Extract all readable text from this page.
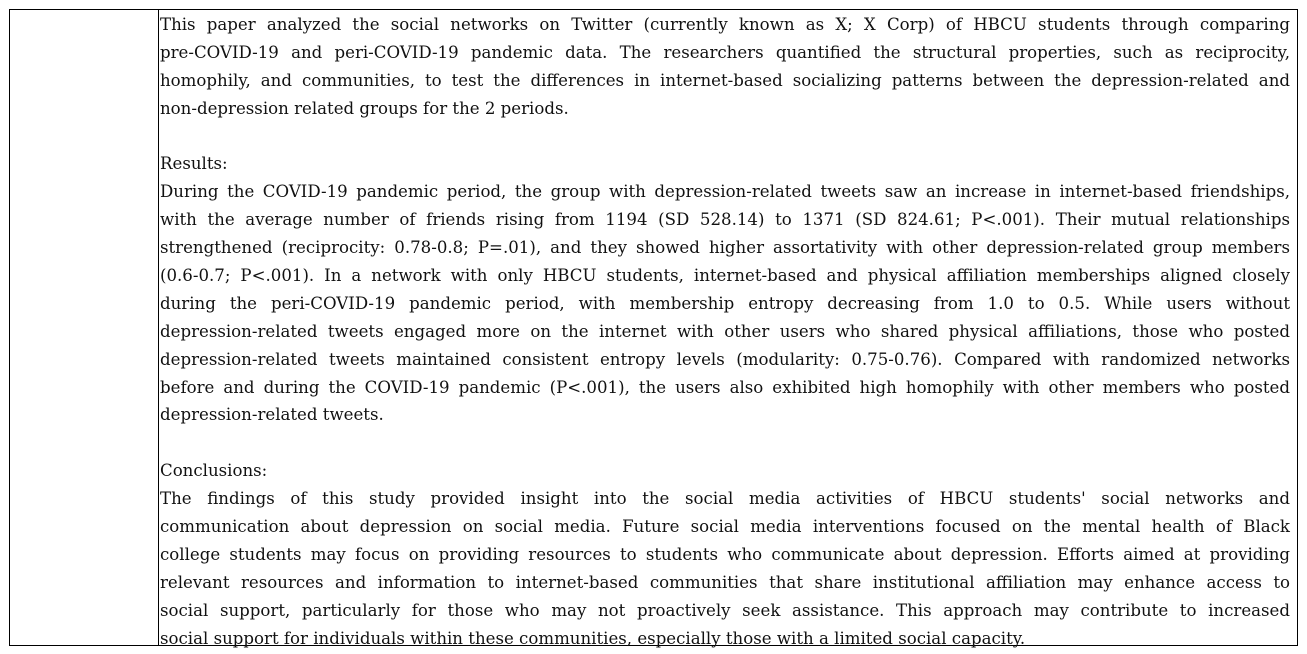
This paper analyzed the social networks on Twitter (currently known as X; X Corp) of HBCU students through comparing
pre-COVID-19 and peri-COVID-19 pandemic data. The researchers quantified the structural properties, such as reciprocity,
homophily, and communities, to test the differences in internet-based socializing patterns between the depression-related and
non-depression related groups for the 2 periods.
Results:
During the COVID-19 pandemic period, the group with depression-related tweets saw an increase in internet-based friendships,
with the average number of friends rising from 1194 (SD 528.14) to 1371 (SD 824.61; P<.001). Their mutual relationships
strengthened (reciprocity: 0.78-0.8; P=.01), and they showed higher assortativity with other depression-related group members
(0.6-0.7; P<.001). In a network with only HBCU students, internet-based and physical affiliation memberships aligned closely
during the peri-COVID-19 pandemic period, with membership entropy decreasing from 1.0 to 0.5. While users without
depression-related tweets engaged more on the internet with other users who shared physical affiliations, those who posted
depression-related tweets maintained consistent entropy levels (modularity: 0.75-0.76). Compared with randomized networks
before and during the COVID-19 pandemic (P<.001), the users also exhibited high homophily with other members who posted
depression-related tweets.
Conclusions:
The findings of this study provided insight into the social media activities of HBCU students' social networks and
communication about depression on social media. Future social media interventions focused on the mental health of Black
college students may focus on providing resources to students who communicate about depression. Efforts aimed at providing
relevant resources and information to internet-based communities that share institutional affiliation may enhance access to
social support, particularly for those who may not proactively seek assistance. This approach may contribute to increased
social support for individuals within these communities, especially those with a limited social capacity.
